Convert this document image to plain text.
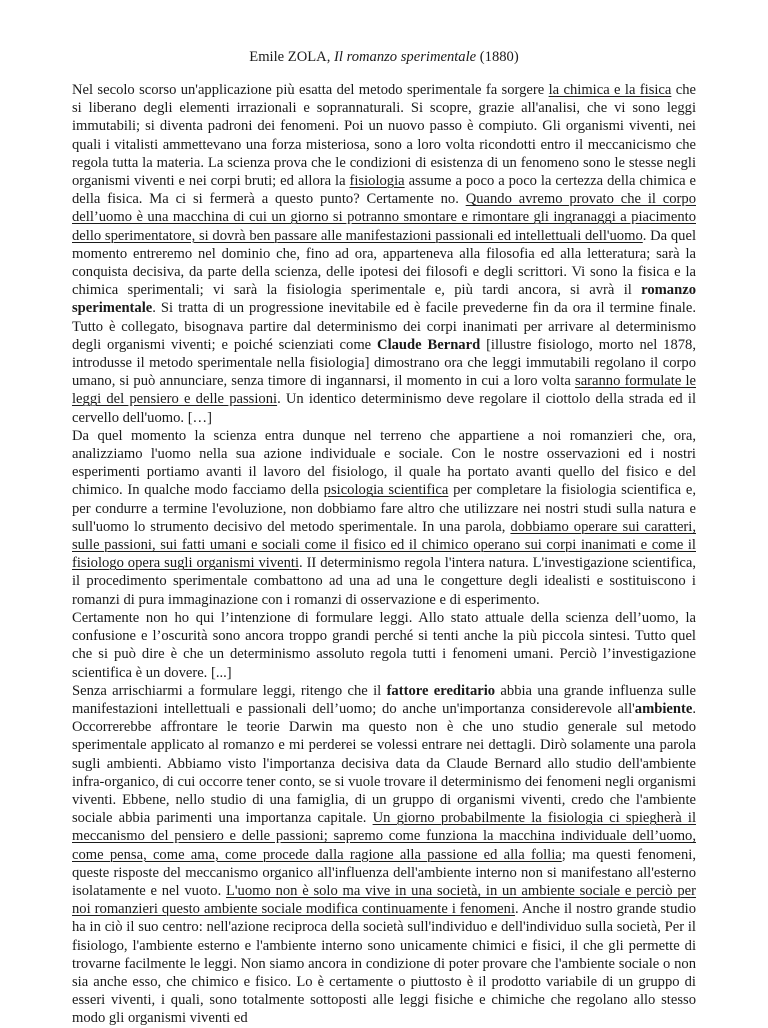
Emile ZOLA, Il romanzo sperimentale (1880)

Nel secolo scorso un'applicazione più esatta del metodo sperimentale fa sorgere la chimica e la fisica che si liberano degli elementi irrazionali e soprannaturali. Si scopre, grazie all'analisi, che vi sono leggi immutabili; si diventa padroni dei fenomeni. Poi un nuovo passo è compiuto. Gli organismi viventi, nei quali i vitalisti ammettevano una forza misteriosa, sono a loro volta ricondotti entro il meccanicismo che regola tutta la materia. La scienza prova che le condizioni di esistenza di un fenomeno sono le stesse negli organismi viventi e nei corpi bruti; ed allora la fisiologia assume a poco a poco la certezza della chimica e della fisica. Ma ci si fermerà a questo punto? Certamente no. Quando avremo provato che il corpo dell’uomo è una macchina di cui un giorno si potranno smontare e rimontare gli ingranaggi a piacimento dello sperimentatore, si dovrà ben passare alle manifestazioni passionali ed intellettuali dell'uomo. Da quel momento entreremo nel dominio che, fino ad ora, apparteneva alla filosofia ed alla letteratura; sarà la conquista decisiva, da parte della scienza, delle ipotesi dei filosofi e degli scrittori. Vi sono la fisica e la chimica sperimentali; vi sarà la fisiologia sperimentale e, più tardi ancora, si avrà il romanzo sperimentale. Si tratta di un progressione inevitabile ed è facile prevederne fin da ora il termine finale. Tutto è collegato, bisognava partire dal determinismo dei corpi inanimati per arrivare al determinismo degli organismi viventi; e poiché scienziati come Claude Bernard [illustre fisiologo, morto nel 1878, introdusse il metodo sperimentale nella fisiologia] dimostrano ora che leggi immutabili regolano il corpo umano, si può annunciare, senza timore di ingannarsi, il momento in cui a loro volta saranno formulate le leggi del pensiero e delle passioni. Un identico determinismo deve regolare il ciottolo della strada ed il cervello dell'uomo. […]

Da quel momento la scienza entra dunque nel terreno che appartiene a noi romanzieri che, ora, analizziamo l'uomo nella sua azione individuale e sociale. Con le nostre osservazioni ed i nostri esperimenti portiamo avanti il lavoro del fisiologo, il quale ha portato avanti quello del fisico e del chimico. In qualche modo facciamo della psicologia scientifica per completare la fisiologia scientifica e, per condurre a termine l'evoluzione, non dobbiamo fare altro che utilizzare nei nostri studi sulla natura e sull'uomo lo strumento decisivo del metodo sperimentale. In una parola, dobbiamo operare sui caratteri, sulle passioni, sui fatti umani e sociali come il fisico ed il chimico operano sui corpi inanimati e come il fisiologo opera sugli organismi viventi. II determinismo regola l'intera natura. L'investigazione scientifica, il procedimento sperimentale combattono ad una ad una le congetture degli idealisti e sostituiscono i romanzi di pura immaginazione con i romanzi di osservazione e di esperimento.

Certamente non ho qui l’intenzione di formulare leggi. Allo stato attuale della scienza dell’uomo, la confusione e l’oscurità sono ancora troppo grandi perché si tenti anche la più piccola sintesi. Tutto quel che si può dire è che un determinismo assoluto regola tutti i fenomeni umani. Perciò l’investigazione scientifica è un dovere. [...]

Senza arrischiarmi a formulare leggi, ritengo che il fattore ereditario abbia una grande influenza sulle manifestazioni intellettuali e passionali dell’uomo; do anche un'importanza considerevole all'ambiente. Occorrerebbe affrontare le teorie Darwin ma questo non è che uno studio generale sul metodo sperimentale applicato al romanzo e mi perderei se volessi entrare nei dettagli. Dirò solamente una parola sugli ambienti. Abbiamo visto l'importanza decisiva data da Claude Bernard allo studio dell'ambiente infra-organico, di cui occorre tener conto, se si vuole trovare il determinismo dei fenomeni negli organismi viventi. Ebbene, nello studio di una famiglia, di un gruppo di organismi viventi, credo che l'ambiente sociale abbia parimenti una importanza capitale. Un giorno probabilmente la fisiologia ci spiegherà il meccanismo del pensiero e delle passioni; sapremo come funziona la macchina individuale dell’uomo, come pensa, come ama, come procede dalla ragione alla passione ed alla follia; ma questi fenomeni, queste risposte del meccanismo organico all'influenza dell'ambiente interno non si manifestano all'esterno isolatamente e nel vuoto. L'uomo non è solo ma vive in una società, in un ambiente sociale e perciò per noi romanzieri questo ambiente sociale modifica continuamente i fenomeni. Anche il nostro grande studio ha in ciò il suo centro: nell'azione reciproca della società sull'individuo e dell'individuo sulla società, Per il fisiologo, l'ambiente esterno e l'ambiente interno sono unicamente chimici e fisici, il che gli permette di trovarne facilmente le leggi. Non siamo ancora in condizione di poter provare che l'ambiente sociale o non sia anche esso, che chimico e fisico. Lo è certamente o piuttosto è il prodotto variabile di un gruppo di esseri viventi, i quali, sono totalmente sottoposti alle leggi fisiche e chimiche che regolano allo stesso modo gli organismi viventi ed
